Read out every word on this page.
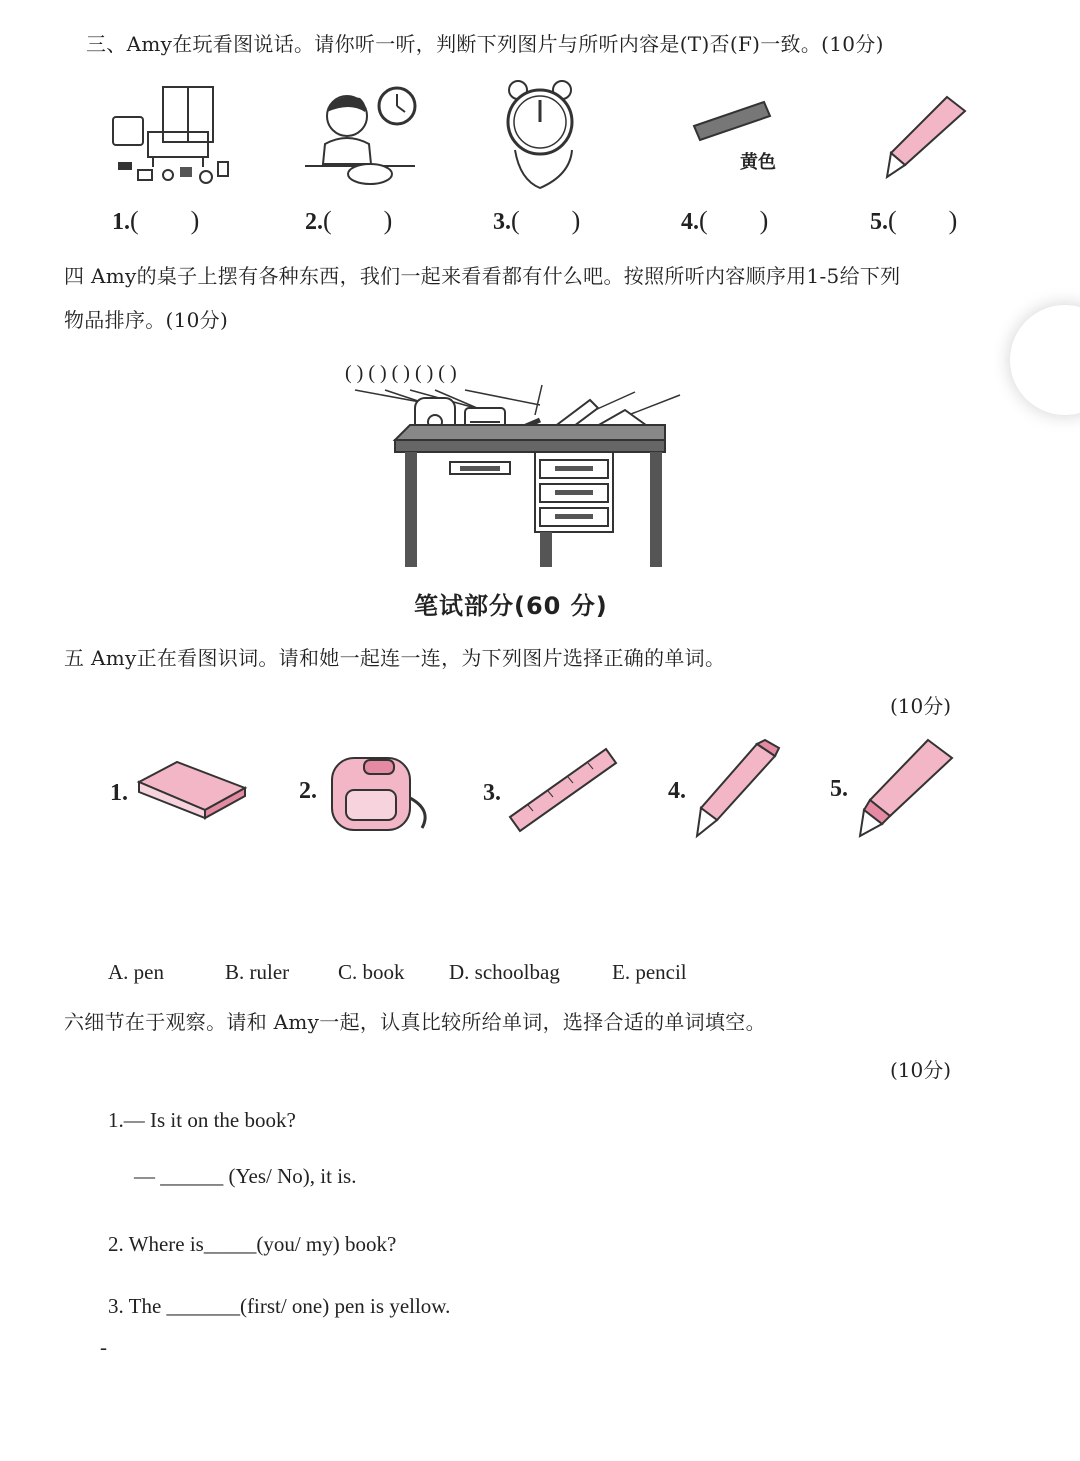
三、Amy在玩看图说话。请你听一听，判断下列图片与所听内容是(T)否(F)一致。(10分)
黄色
1.(　　)	2.(　　)	3.(　　)	4.(　　)	5.(　　)
四 Amy的桌子上摆有各种东西，我们一起来看看都有什么吧。按照所听内容顺序用1-5给下列
物品排序。(10分)
( ) ( ) ( ) ( ) ( )
笔试部分(60 分)
五 Amy正在看图识词。请和她一起连一连，为下列图片选择正确的单词。
(10分)
1.	2.	3.	4.	5.
A. pen	B. ruler C. book D. schoolbag E. pencil
六细节在于观察。请和 Amy一起，认真比较所给单词，选择合适的单词填空。
(10分)
1.— Is it on the book?
— ______ (Yes/ No), it is.
2. Where is_____(you/ my) book?
3. The _______(first/ one) pen is yellow.
-
